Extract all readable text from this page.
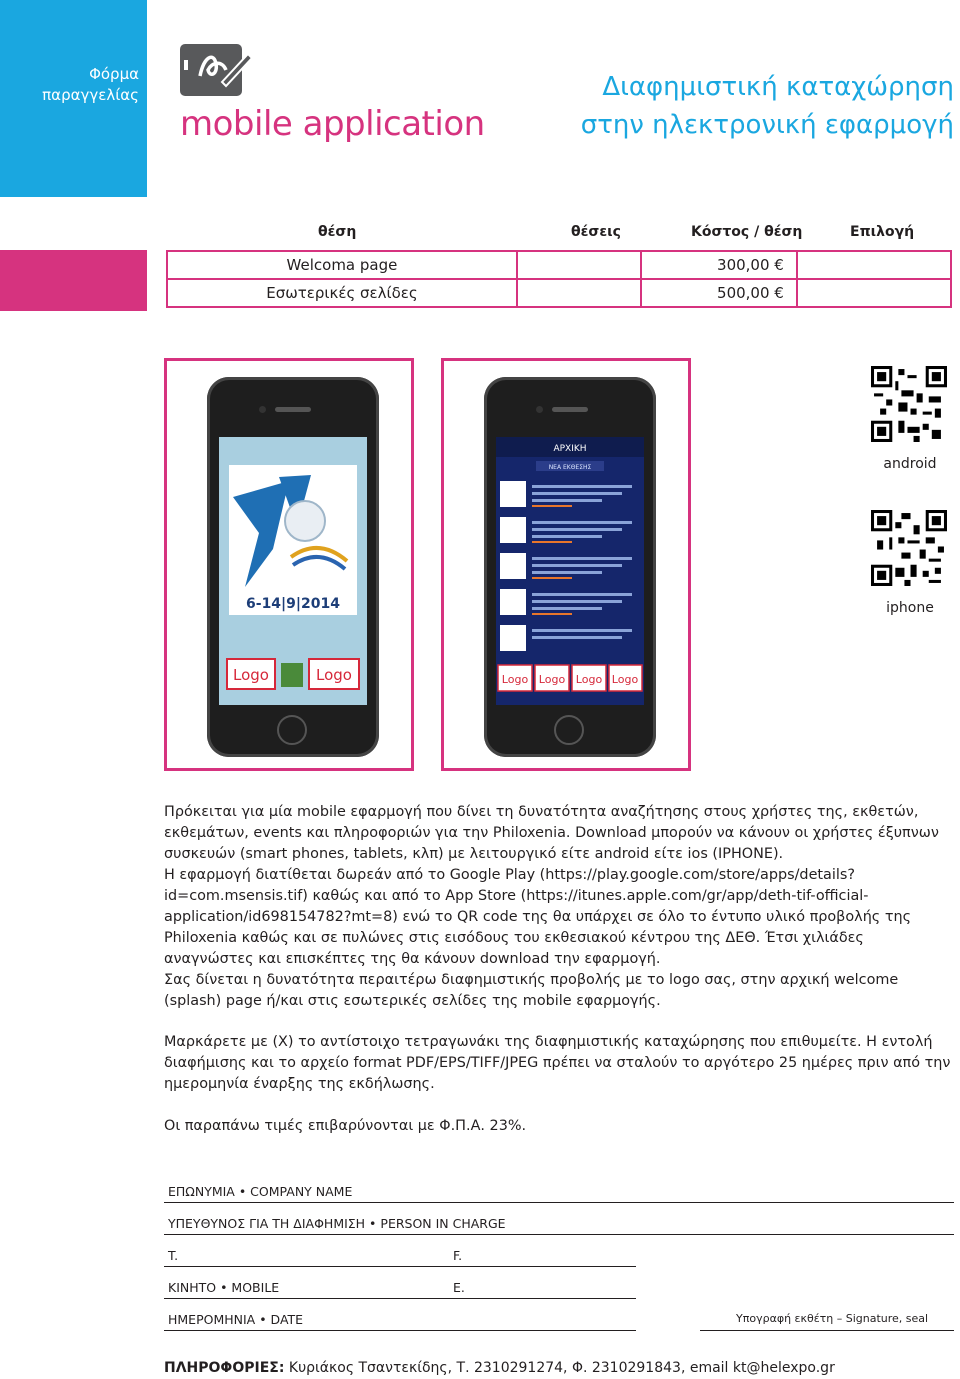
Φόρμα
παραγγελίας
mobile application
Διαφημιστική καταχώρηση
στην ηλεκτρονική εφαρμογή
θέση	θέσεις	Κόστος / θέση	Επιλογή
Welcoma page		300,00 €	
Εσωτερικές σελίδες		500,00 €	
6-14|9|2014
Logo	Logo
ΑΡΧΙΚΗ
ΝΕΑ ΕΚΘΕΣΗΣ
Logo Logo Logo Logo
android
iphone

Πρόκειται για μία mobile εφαρμογή που δίνει τη δυνατότητα αναζήτησης στους χρήστες της, εκθετών, εκθεμάτων, events και πληροφοριών για την Philoxenia. Download μπορούν να κάνουν οι χρήστες έξυπνων συσκευών (smart phones, tablets, κλπ) με λειτουργικό είτε android είτε ios (IPHONE).

Η εφαρμογή διατίθεται δωρεάν από το Google Play (https://play.google.com/store/apps/details?id=com.msensis.tif) καθώς και από το App Store (https://itunes.apple.com/gr/app/deth-tif-official-application/id698154782?mt=8) ενώ το QR code της θα υπάρχει σε όλο το έντυπο υλικό προβολής της Philoxenia καθώς και σε πυλώνες στις εισόδους του εκθεσιακού κέντρου της ΔΕΘ. Έτσι χιλιάδες αναγνώστες και επισκέπτες της θα κάνουν download την εφαρμογή.

Σας δίνεται η δυνατότητα περαιτέρω διαφημιστικής προβολής με το logo σας, στην αρχική welcome (splash) page ή/και στις εσωτερικές σελίδες της mobile εφαρμογής.

Μαρκάρετε με (X) το αντίστοιχο τετραγωνάκι της διαφημιστικής καταχώρησης που επιθυμείτε. Η εντολή διαφήμισης και το αρχείο format PDF/EPS/TIFF/JPEG πρέπει να σταλούν το αργότερο 25 ημέρες πριν από την ημερομηνία έναρξης της εκδήλωσης.
Οι παραπάνω τιμές επιβαρύνονται με Φ.Π.Α. 23%.
ΕΠΩΝΥΜΙΑ • COMPANY NAME
ΥΠΕΥΘΥΝΟΣ ΓΙΑ ΤΗ ΔΙΑΦΗΜΙΣΗ • PERSON IN CHARGE
T.	F.
ΚΙΝΗΤΟ • MOBILE	E.
ΗΜΕΡΟΜΗΝΙΑ • DATE	Υπογραφή εκθέτη – Signature, seal
ΠΛΗΡΟΦΟΡΙΕΣ: Κυριάκος Τσαντεκίδης, Τ. 2310291274, Φ. 2310291843, email kt@helexpo.gr
